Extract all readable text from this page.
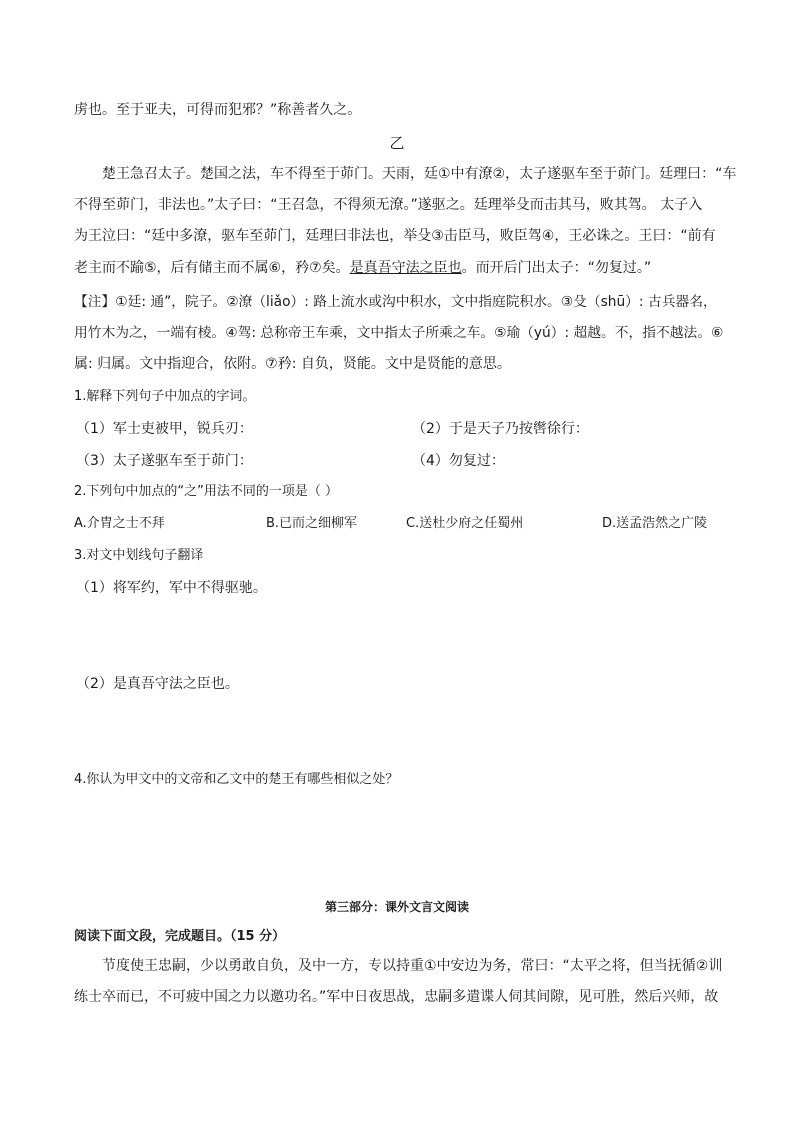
虏也。至于亚夫，可得而犯邪？”称善者久之。
乙
楚王急召太子。楚国之法，车不得至于茆门。天雨，廷①中有潦②，太子遂驱车至于茆门。廷理曰：“车
不得至茆门，非法也。”太子曰：“王召急，不得须无潦。”遂驱之。廷理举殳而击其马，败其驾。 太子入
为王泣曰：“廷中多潦，驱车至茆门，廷理曰非法也，举殳③击臣马，败臣驾④，王必诛之。王曰：“前有
老主而不踰⑤，后有储主而不属⑥，矜⑦矣。是真吾守法之臣也。而开后门出太子：“勿复过。”
【注】①廷: 通”，院子。②潦（liǎo）: 路上流水或沟中积水，文中指庭院积水。③殳（shū）: 古兵器名，
用竹木为之，一端有棱。④驾: 总称帝王车乘，文中指太子所乘之车。⑤瑜（yú）: 超越。不，指不越法。⑥
属: 归属。文中指迎合，依附。⑦矜: 自负，贤能。文中是贤能的意思。
1.解释下列句子中加点的字词。
（1）军士吏被甲，锐兵刃：	（2）于是天子乃按辔徐行：
（3）太子遂驱车至于茆门：	（4）勿复过：
2.下列句中加点的“之”用法不同的一项是（ ）
A.介胄之士不拜	B.已而之细柳军	C.送杜少府之任蜀州	D.送孟浩然之广陵
3.对文中划线句子翻译
（1）将军约，军中不得驱驰。
（2）是真吾守法之臣也。
4.你认为甲文中的文帝和乙文中的楚王有哪些相似之处？
第三部分：课外文言文阅读
阅读下面文段，完成题目。（15 分）
节度使王忠嗣，少以勇敢自负，及中一方，专以持重①中安边为务，常曰：“太平之将，但当抚循②训
练士卒而已，不可疲中国之力以邀功名。”军中日夜思战，忠嗣多遣谍人伺其间隙，见可胜，然后兴师，故
